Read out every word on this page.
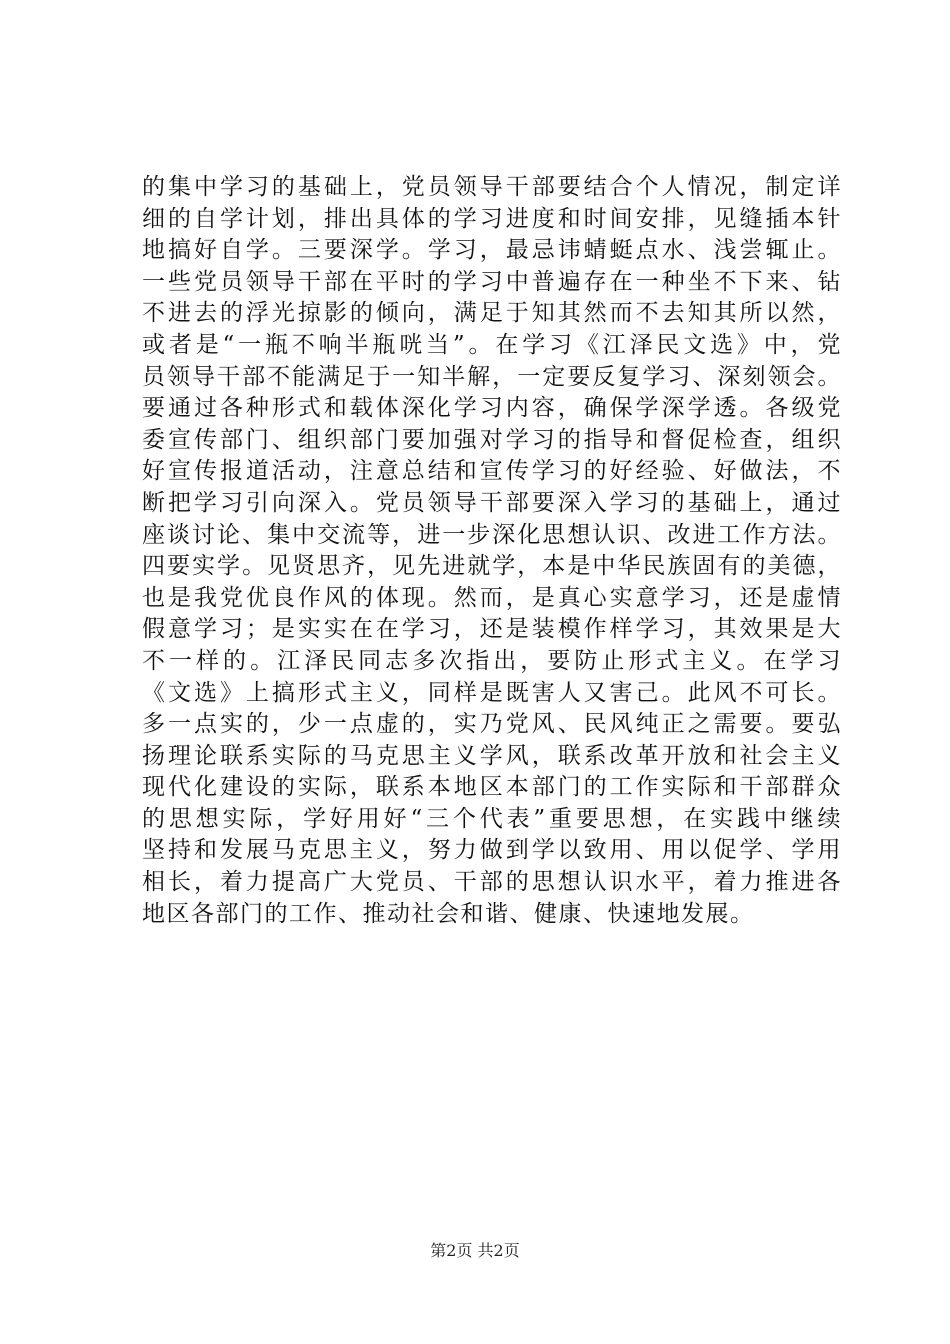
的集中学习的基础上，党员领导干部要结合个人情况，制定详
细的自学计划，排出具体的学习进度和时间安排，见缝插本针
地搞好自学。三要深学。学习，最忌讳蜻蜓点水、浅尝辄止。
一些党员领导干部在平时的学习中普遍存在一种坐不下来、钻
不进去的浮光掠影的倾向，满足于知其然而不去知其所以然，
或者是“一瓶不响半瓶咣当”。在学习《江泽民文选》中，党
员领导干部不能满足于一知半解，一定要反复学习、深刻领会。
要通过各种形式和载体深化学习内容，确保学深学透。各级党
委宣传部门、组织部门要加强对学习的指导和督促检查，组织
好宣传报道活动，注意总结和宣传学习的好经验、好做法，不
断把学习引向深入。党员领导干部要深入学习的基础上，通过
座谈讨论、集中交流等，进一步深化思想认识、改进工作方法。
四要实学。见贤思齐，见先进就学，本是中华民族固有的美德，
也是我党优良作风的体现。然而，是真心实意学习，还是虚情
假意学习；是实实在在学习，还是装模作样学习，其效果是大
不一样的。江泽民同志多次指出，要防止形式主义。在学习
《文选》上搞形式主义，同样是既害人又害己。此风不可长。
多一点实的，少一点虚的，实乃党风、民风纯正之需要。要弘
扬理论联系实际的马克思主义学风，联系改革开放和社会主义
现代化建设的实际，联系本地区本部门的工作实际和干部群众
的思想实际，学好用好“三个代表”重要思想，在实践中继续
坚持和发展马克思主义，努力做到学以致用、用以促学、学用
相长，着力提高广大党员、干部的思想认识水平，着力推进各
地区各部门的工作、推动社会和谐、健康、快速地发展。
第2页 共2页
